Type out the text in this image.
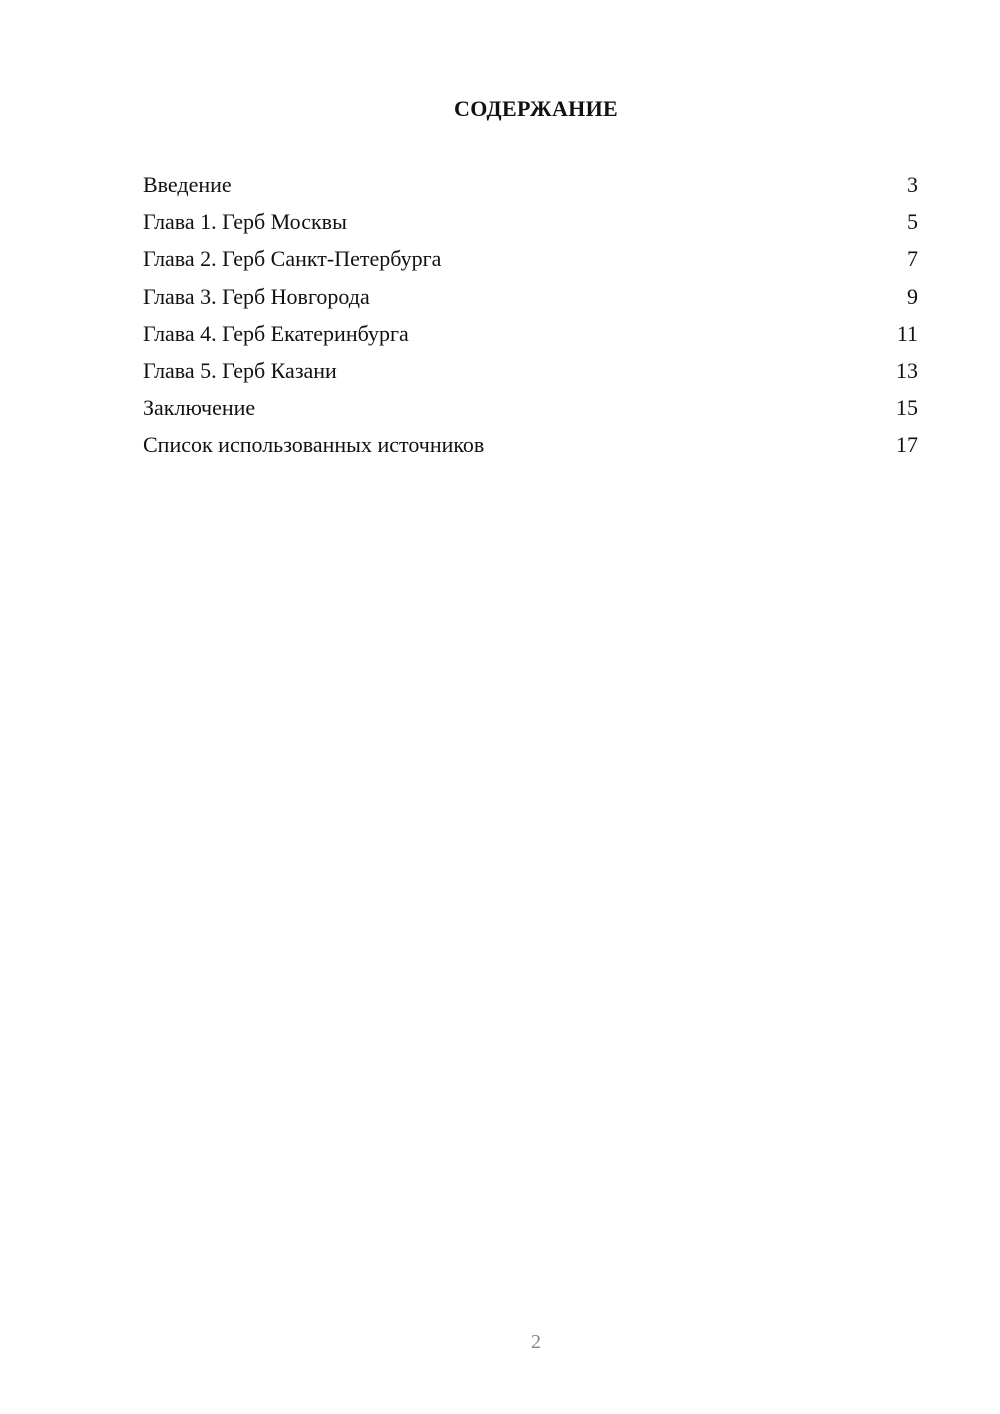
СОДЕРЖАНИЕ
Введение	3
Глава 1. Герб Москвы	5
Глава 2. Герб Санкт-Петербурга	7
Глава 3. Герб Новгорода	9
Глава 4. Герб Екатеринбурга	11
Глава 5. Герб Казани	13
Заключение	15
Список использованных источников	17
2
